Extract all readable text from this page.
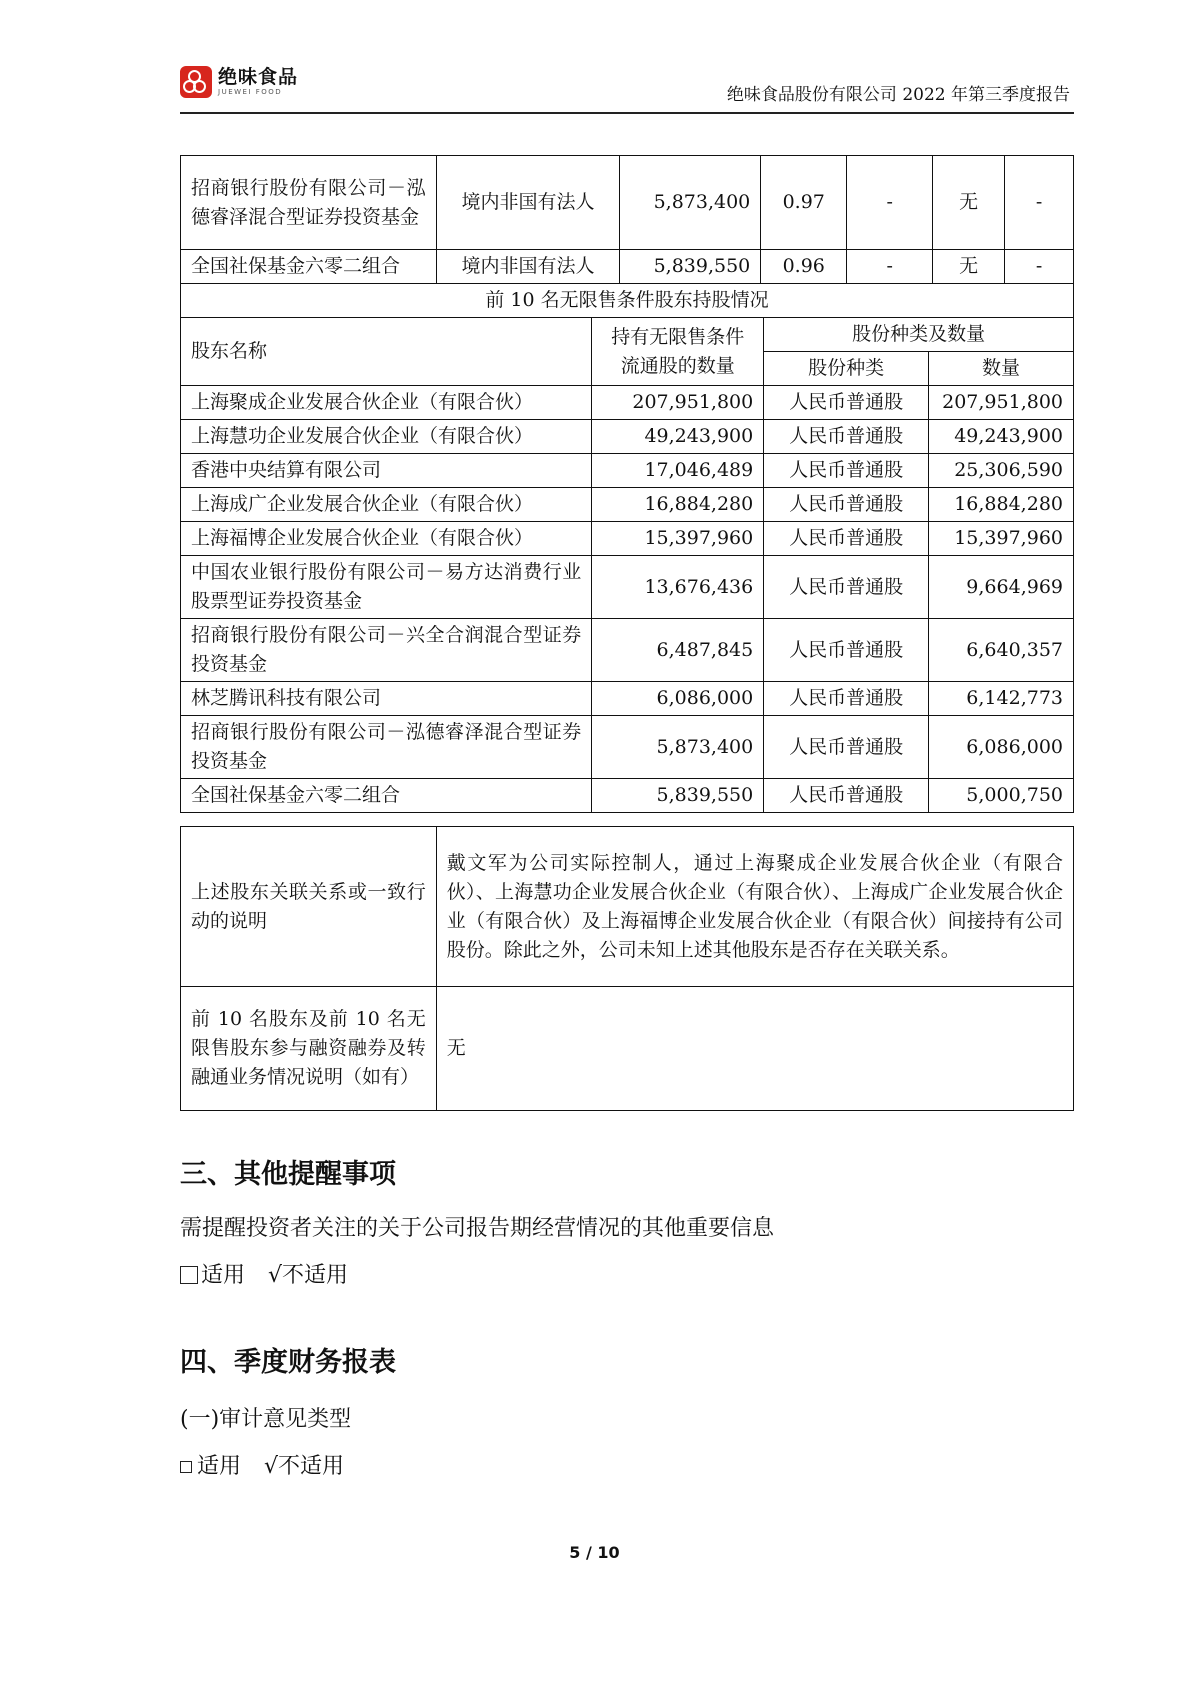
绝味食品
JUEWEI FOOD	绝味食品股份有限公司 2022 年第三季度报告
招商银行股份有限公司－泓德睿泽混合型证券投资基金	境内非国有法人	5,873,400	0.97	-	无	-
全国社保基金六零二组合	境内非国有法人	5,839,550	0.96	-	无	-
前 10 名无限售条件股东持股情况			
股东名称	持有无限售条件流通股的数量	股份种类及数量	
		股份种类	数量
上海聚成企业发展合伙企业（有限合伙）	207,951,800	人民币普通股	207,951,800
上海慧功企业发展合伙企业（有限合伙）	49,243,900	人民币普通股	49,243,900
香港中央结算有限公司	17,046,489	人民币普通股	25,306,590
上海成广企业发展合伙企业（有限合伙）	16,884,280	人民币普通股	16,884,280
上海福博企业发展合伙企业（有限合伙）	15,397,960	人民币普通股	15,397,960
中国农业银行股份有限公司－易方达消费行业股票型证券投资基金	13,676,436	人民币普通股	9,664,969
招商银行股份有限公司－兴全合润混合型证券投资基金	6,487,845	人民币普通股	6,640,357
林芝腾讯科技有限公司	6,086,000	人民币普通股	6,142,773
招商银行股份有限公司－泓德睿泽混合型证券投资基金	5,873,400	人民币普通股	6,086,000
全国社保基金六零二组合	5,839,550	人民币普通股	5,000,750
上述股东关联关系或一致行动的说明	戴文军为公司实际控制人，通过上海聚成企业发展合伙企业（有限合伙）、上海慧功企业发展合伙企业（有限合伙）、上海成广企业发展合伙企业（有限合伙）及上海福博企业发展合伙企业（有限合伙）间接持有公司股份。除此之外，公司未知上述其他股东是否存在关联关系。
前 10 名股东及前 10 名无限售股东参与融资融券及转融通业务情况说明（如有）	无
三、其他提醒事项
需提醒投资者关注的关于公司报告期经营情况的其他重要信息
适用 √不适用
四、季度财务报表
(一)审计意见类型
适用 √不适用
5 / 10
